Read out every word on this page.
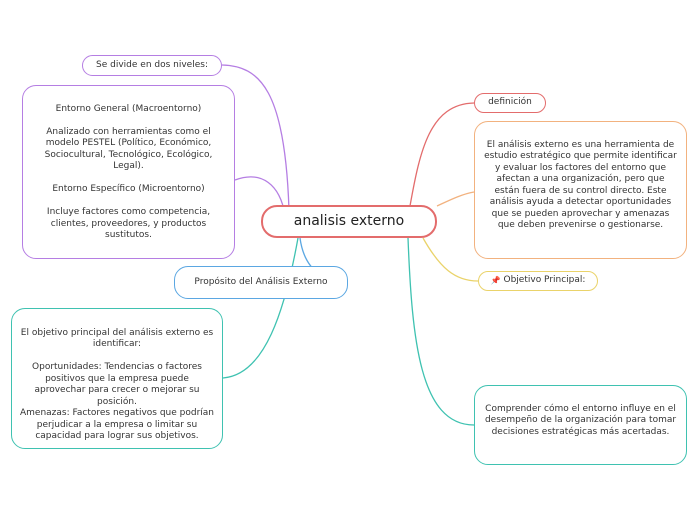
Se divide en dos niveles:

Entorno General (Macroentorno)

Analizado con herramientas como el modelo PESTEL (Político, Económico, Sociocultural, Tecnológico, Ecológico, Legal).

Entorno Específico (Microentorno)

Incluye factores como competencia, clientes, proveedores, y productos sustitutos.

Propósito del Análisis Externo

El objetivo principal del análisis externo es identificar:

Oportunidades: Tendencias o factores positivos que la empresa puede aprovechar para crecer o mejorar su posición.
Amenazas: Factores negativos que podrían perjudicar a la empresa o limitar su capacidad para lograr sus objetivos.

analisis externo
definición

El análisis externo es una herramienta de estudio estratégico que permite identificar y evaluar los factores del entorno que afectan a una organización, pero que están fuera de su control directo. Este análisis ayuda a detectar oportunidades que se pueden aprovechar y amenazas que deben prevenirse o gestionarse.

📌 Objetivo Principal:

Comprender cómo el entorno influye en el desempeño de la organización para tomar decisiones estratégicas más acertadas.
